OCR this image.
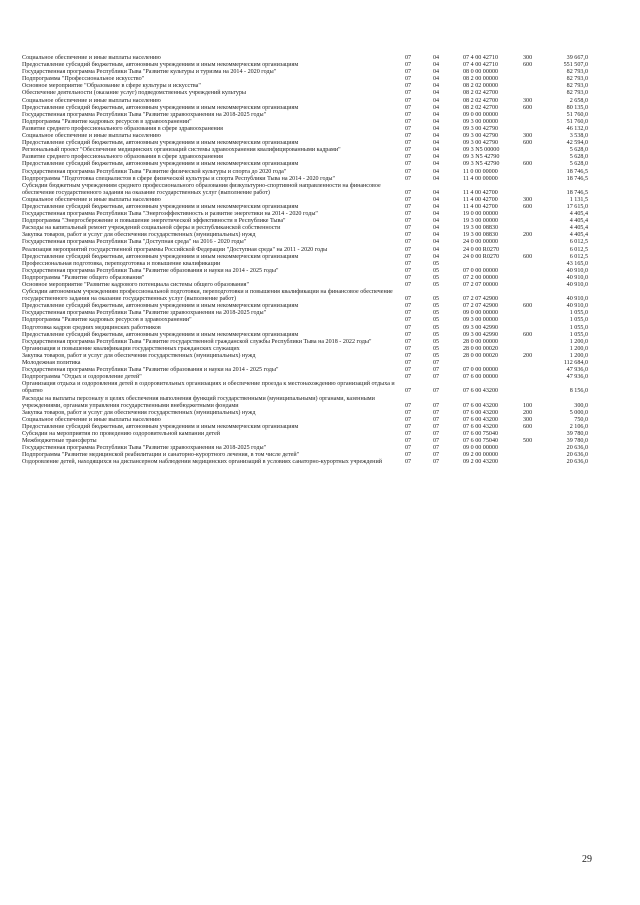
Социальное обеспечение и иные выплаты населению	07	04	07 4 00 42710	300	39 667,0
Предоставление субсидий бюджетным, автономным учреждениям и иным некоммерческим организациям	07	04	07 4 00 42710	600	551 507,0
Государственная программа Республики Тыва "Развитие культуры и туризма на 2014 - 2020 годы"	07	04	08 0 00 00000		82 793,0
Подпрограмма "Профессиональное искусство"	07	04	08 2 00 00000		82 793,0
Основное мероприятие "Образование в сфере культуры и искусства"	07	04	08 2 02 00000		82 793,0
Обеспечение деятельности (оказание услуг) подведомственных учреждений культуры	07	04	08 2 02 42700		82 793,0
Социальное обеспечение и иные выплаты населению	07	04	08 2 02 42700	300	2 658,0
Предоставление субсидий бюджетным, автономным учреждениям и иным некоммерческим организациям	07	04	08 2 02 42700	600	80 135,0
Государственная программа Республики Тыва "Развитие здравоохранения на 2018-2025 годы"	07	04	09 0 00 00000		51 760,0
Подпрограмма "Развитие кадровых ресурсов в здравоохранении"	07	04	09 3 00 00000		51 760,0
Развитие среднего профессионального образования в сфере здравоохранения	07	04	09 3 00 42790		46 132,0
Социальное обеспечение и иные выплаты населению	07	04	09 3 00 42790	300	3 538,0
Предоставление субсидий бюджетным, автономным учреждениям и иным некоммерческим организациям	07	04	09 3 00 42790	600	42 594,0
Региональный проект "Обеспечение медицинских организаций системы здравоохранения квалифицированными кадрами"	07	04	09 3 N5 00000		5 628,0
Развитие среднего профессионального образования в сфере здравоохранения	07	04	09 3 N5 42790		5 628,0
Предоставление субсидий бюджетным, автономным учреждениям и иным некоммерческим организациям	07	04	09 3 N5 42790	600	5 628,0
Государственная программа Республики Тыва "Развитие физической культуры и спорта до 2020 года"	07	04	11 0 00 00000		18 746,5
Подпрограмма "Подготовка специалистов в сфере физической культуры и спорта Республики Тыва на 2014 - 2020 годы"	07	04	11 4 00 00000		18 746,5
Субсидии бюджетным учреждениям среднего профессионального образования физкультурно-спортивной направленности на финансовое обеспечение государственного задания на оказание государственных услуг (выполнение работ)	07	04	11 4 00 42700		18 746,5
Социальное обеспечение и иные выплаты населению	07	04	11 4 00 42700	300	1 131,5
Предоставление субсидий бюджетным, автономным учреждениям и иным некоммерческим организациям	07	04	11 4 00 42700	600	17 615,0
Государственная программа Республики Тыва "Энергоэффективность и развитие энергетики на 2014 - 2020 годы"	07	04	19 0 00 00000		4 405,4
Подпрограмма "Энергосбережение и повышение энергетической эффективности в Республике Тыва"	07	04	19 3 00 00000		4 405,4
Расходы на капитальный ремонт учреждений социальной сферы и республиканской собственности	07	04	19 3 00 08830		4 405,4
Закупка товаров, работ и услуг для обеспечения государственных (муниципальных) нужд	07	04	19 3 00 08830	200	4 405,4
Государственная программа Республики Тыва "Доступная среда" на 2016 - 2020 годы"	07	04	24 0 00 00000		6 012,5
Реализация мероприятий государственной программы Российской Федерации "Доступная среда" на 2011 - 2020 годы	07	04	24 0 00 R0270		6 012,5
Предоставление субсидий бюджетным, автономным учреждениям и иным некоммерческим организациям	07	04	24 0 00 R0270	600	6 012,5
Профессиональная подготовка, переподготовка и повышение квалификации	07	05			43 165,0
Государственная программа Республики Тыва "Развитие образования и науки на 2014 - 2025 годы"	07	05	07 0 00 00000		40 910,0
Подпрограмма "Развитие общего образования"	07	05	07 2 00 00000		40 910,0
Основное мероприятие "Развитие кадрового потенциала системы общего образования"	07	05	07 2 07 00000		40 910,0
Субсидии автономным учреждениям профессиональной подготовки, переподготовки и повышения квалификации на финансовое обеспечение государственного задания на оказание государственных услуг (выполнение работ)	07	05	07 2 07 42900		40 910,0
Предоставление субсидий бюджетным, автономным учреждениям и иным некоммерческим организациям	07	05	07 2 07 42900	600	40 910,0
Государственная программа Республики Тыва "Развитие здравоохранения на 2018-2025 годы"	07	05	09 0 00 00000		1 055,0
Подпрограмма "Развитие кадровых ресурсов в здравоохранении"	07	05	09 3 00 00000		1 055,0
Подготовка кадров средних медицинских работников	07	05	09 3 00 42990		1 055,0
Предоставление субсидий бюджетным, автономным учреждениям и иным некоммерческим организациям	07	05	09 3 00 42990	600	1 055,0
Государственная программа Республики Тыва "Развитие государственной гражданской службы Республики Тыва на 2018 - 2022 годы"	07	05	28 0 00 00000		1 200,0
Организация и повышение квалификации государственных гражданских служащих	07	05	28 0 00 00020		1 200,0
Закупка товаров, работ и услуг для обеспечения государственных (муниципальных) нужд	07	05	28 0 00 00020	200	1 200,0
Молодежная политика	07	07			112 684,0
Государственная программа Республики Тыва "Развитие образования и науки на 2014 - 2025 годы"	07	07	07 0 00 00000		47 936,0
Подпрограмма "Отдых и оздоровление детей"	07	07	07 6 00 00000		47 936,0
Организация отдыха и оздоровления детей в оздоровительных организациях и обеспечение проезда к местонахождению организаций отдыха и обратно	07	07	07 6 00 43200		8 156,0
Расходы на выплаты персоналу в целях обеспечения выполнения функций государственными (муниципальными) органами, казенными учреждениями, органами управления государственными внебюджетными фондами	07	07	07 6 00 43200	100	300,0
Закупка товаров, работ и услуг для обеспечения государственных (муниципальных) нужд	07	07	07 6 00 43200	200	5 000,0
Социальное обеспечение и иные выплаты населению	07	07	07 6 00 43200	300	750,0
Предоставление субсидий бюджетным, автономным учреждениям и иным некоммерческим организациям	07	07	07 6 00 43200	600	2 106,0
Субсидии на мероприятия по проведению оздоровительной кампании детей	07	07	07 6 00 75040		39 780,0
Межбюджетные трансферты	07	07	07 6 00 75040	500	39 780,0
Государственная программа Республики Тыва "Развитие здравоохранения на 2018-2025 годы"	07	07	09 0 00 00000		20 636,0
Подпрограмма "Развитие медицинской реабилитации и санаторно-курортного лечения, в том числе детей"	07	07	09 2 00 00000		20 636,0
Оздоровление детей, находящихся на диспансерном наблюдении медицинских организаций в условиях санаторно-курортных учреждений	07	07	09 2 00 43200		20 636,0
29
